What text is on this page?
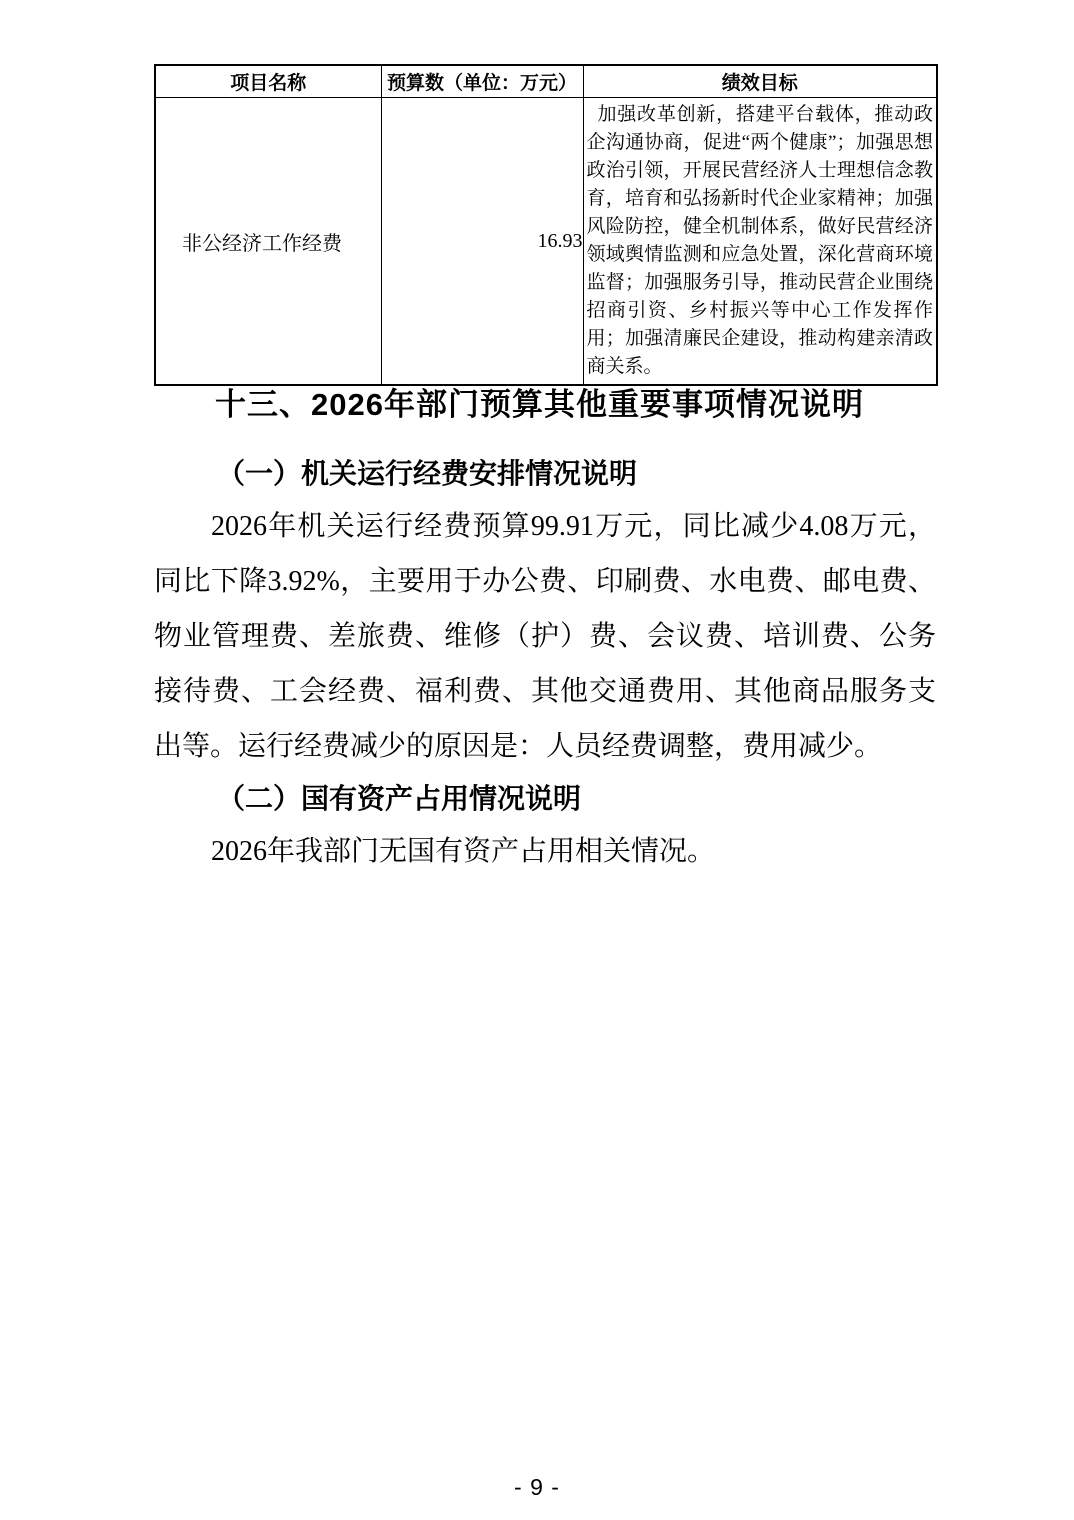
项目名称	预算数（单位：万元）	绩效目标
非公经济工作经费	16.93	加强改革创新，搭建平台载体，推动政企沟通协商，促进“两个健康”；加强思想政治引领，开展民营经济人士理想信念教育，培育和弘扬新时代企业家精神；加强风险防控，健全机制体系，做好民营经济领域舆情监测和应急处置，深化营商环境监督；加强服务引导，推动民营企业围绕招商引资、乡村振兴等中心工作发挥作用；加强清廉民企建设，推动构建亲清政商关系。
十三、2026年部门预算其他重要事项情况说明
（一）机关运行经费安排情况说明

2026年机关运行经费预算99.91万元，同比减少4.08万元，同比下降3.92%，主要用于办公费、印刷费、水电费、邮电费、物业管理费、差旅费、维修（护）费、会议费、培训费、公务接待费、工会经费、福利费、其他交通费用、其他商品服务支出等。运行经费减少的原因是：人员经费调整，费用减少。

（二）国有资产占用情况说明

2026年我部门无国有资产占用相关情况。

- 9 -
